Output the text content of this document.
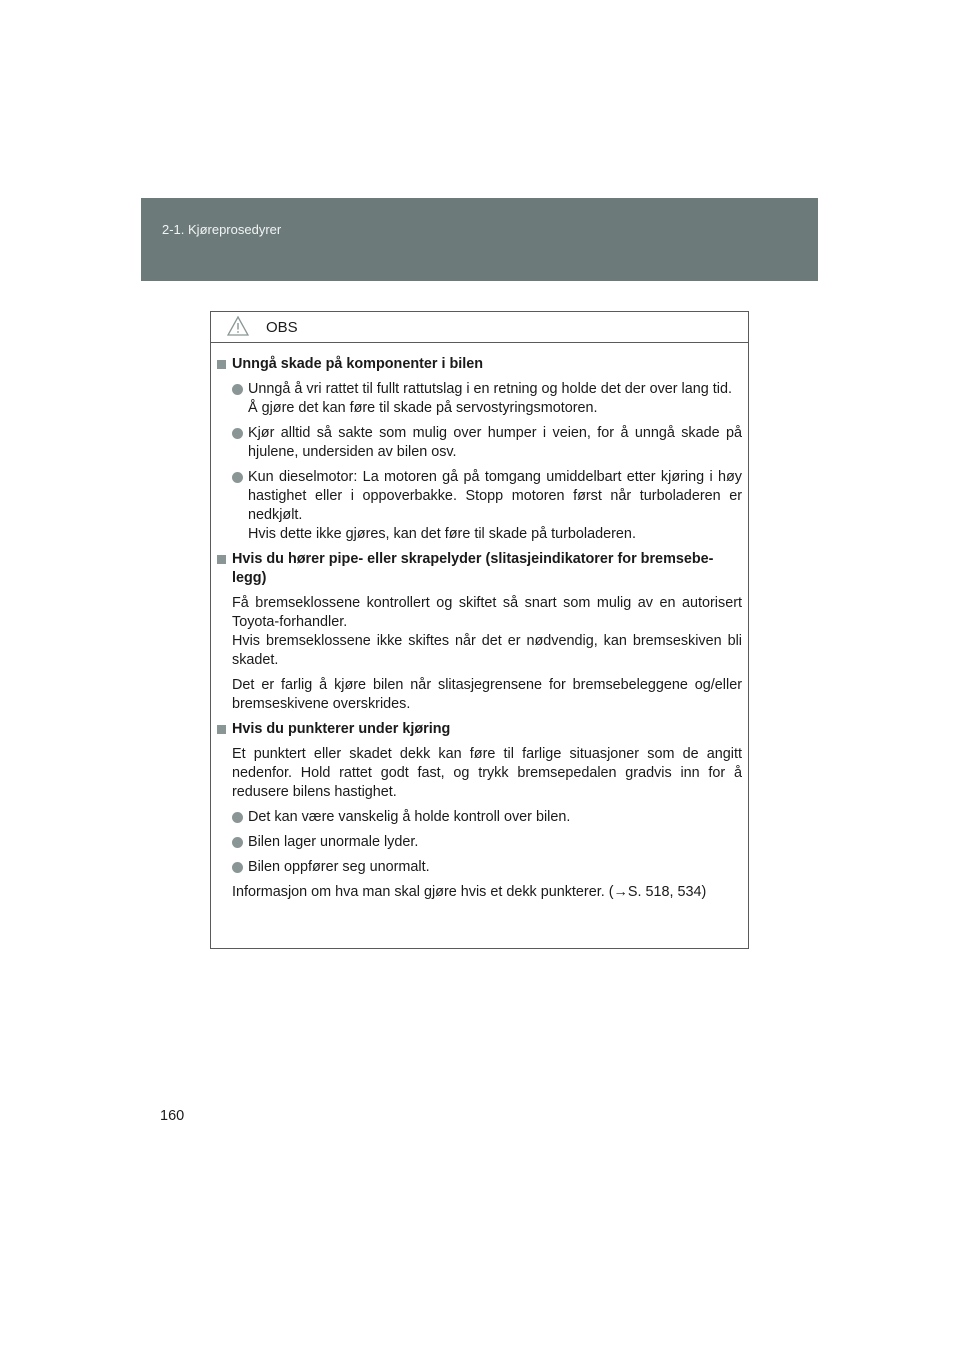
2-1. Kjøreprosedyrer
OBS
Unngå skade på komponenter i bilen
Unngå å vri rattet til fullt rattutslag i en retning og holde det der over lang tid.
Å gjøre det kan føre til skade på servostyringsmotoren.
Kjør alltid så sakte som mulig over humper i veien, for å unngå skade på hjulene, undersiden av bilen osv.
Kun dieselmotor: La motoren gå på tomgang umiddelbart etter kjøring i høy hastighet eller i oppoverbakke. Stopp motoren først når turboladeren er nedkjølt.
Hvis dette ikke gjøres, kan det føre til skade på turboladeren.
Hvis du hører pipe- eller skrapelyder (slitasjeindikatorer for bremsebelegg)
Få bremseklossene kontrollert og skiftet så snart som mulig av en autorisert Toyota-forhandler.
Hvis bremseklossene ikke skiftes når det er nødvendig, kan bremseskiven bli skadet.
Det er farlig å kjøre bilen når slitasjegrensene for bremsebeleggene og/eller bremseskivene overskrides.
Hvis du punkterer under kjøring
Et punktert eller skadet dekk kan føre til farlige situasjoner som de angitt nedenfor. Hold rattet godt fast, og trykk bremsepedalen gradvis inn for å redusere bilens hastighet.
Det kan være vanskelig å holde kontroll over bilen.
Bilen lager unormale lyder.
Bilen oppfører seg unormalt.
Informasjon om hva man skal gjøre hvis et dekk punkterer. (→S. 518, 534)
160
